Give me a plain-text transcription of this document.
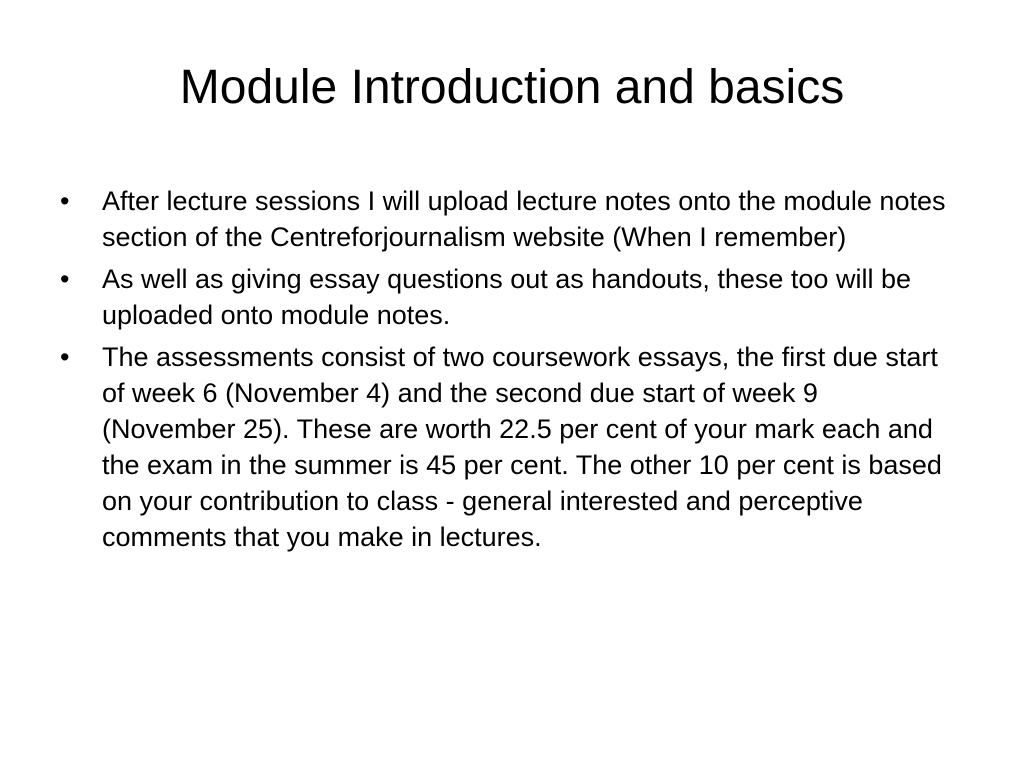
Module Introduction and basics
• After lecture sessions I will upload lecture notes onto the module notes section of the Centreforjournalism website (When I remember)
• As well as giving essay questions out as handouts, these too will be uploaded onto module notes.
• The assessments consist of two coursework essays, the first due start of week 6 (November 4) and the second due start of week 9 (November 25). These are worth 22.5 per cent of your mark each and the exam in the summer is 45 per cent. The other 10 per cent is based on your contribution to class - general interested and perceptive comments that you make in lectures.
